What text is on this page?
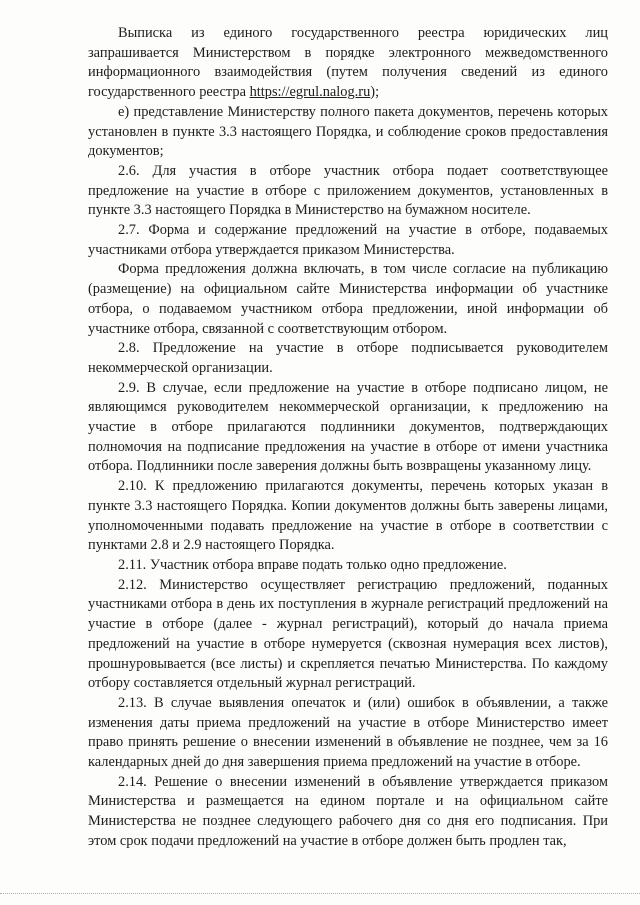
Выписка из единого государственного реестра юридических лиц запрашивается Министерством в порядке электронного межведомственного информационного взаимодействия (путем получения сведений из единого государственного реестра https://egrul.nalog.ru);

е) представление Министерству полного пакета документов, перечень которых установлен в пункте 3.3 настоящего Порядка, и соблюдение сроков предоставления документов;

2.6. Для участия в отборе участник отбора подает соответствующее предложение на участие в отборе с приложением документов, установленных в пункте 3.3 настоящего Порядка в Министерство на бумажном носителе.

2.7. Форма и содержание предложений на участие в отборе, подаваемых участниками отбора утверждается приказом Министерства.

Форма предложения должна включать, в том числе согласие на публикацию (размещение) на официальном сайте Министерства информации об участнике отбора, о подаваемом участником отбора предложении, иной информации об участнике отбора, связанной с соответствующим отбором.

2.8. Предложение на участие в отборе подписывается руководителем некоммерческой организации.

2.9. В случае, если предложение на участие в отборе подписано лицом, не являющимся руководителем некоммерческой организации, к предложению на участие в отборе прилагаются подлинники документов, подтверждающих полномочия на подписание предложения на участие в отборе от имени участника отбора. Подлинники после заверения должны быть возвращены указанному лицу.

2.10. К предложению прилагаются документы, перечень которых указан в пункте 3.3 настоящего Порядка. Копии документов должны быть заверены лицами, уполномоченными подавать предложение на участие в отборе в соответствии с пунктами 2.8 и 2.9 настоящего Порядка.

2.11. Участник отбора вправе подать только одно предложение.

2.12. Министерство осуществляет регистрацию предложений, поданных участниками отбора в день их поступления в журнале регистраций предложений на участие в отборе (далее - журнал регистраций), который до начала приема предложений на участие в отборе нумеруется (сквозная нумерация всех листов), прошнуровывается (все листы) и скрепляется печатью Министерства. По каждому отбору составляется отдельный журнал регистраций.

2.13. В случае выявления опечаток и (или) ошибок в объявлении, а также изменения даты приема предложений на участие в отборе Министерство имеет право принять решение о внесении изменений в объявление не позднее, чем за 16 календарных дней до дня завершения приема предложений на участие в отборе.

2.14. Решение о внесении изменений в объявление утверждается приказом Министерства и размещается на едином портале и на официальном сайте Министерства не позднее следующего рабочего дня со дня его подписания. При этом срок подачи предложений на участие в отборе должен быть продлен так,
